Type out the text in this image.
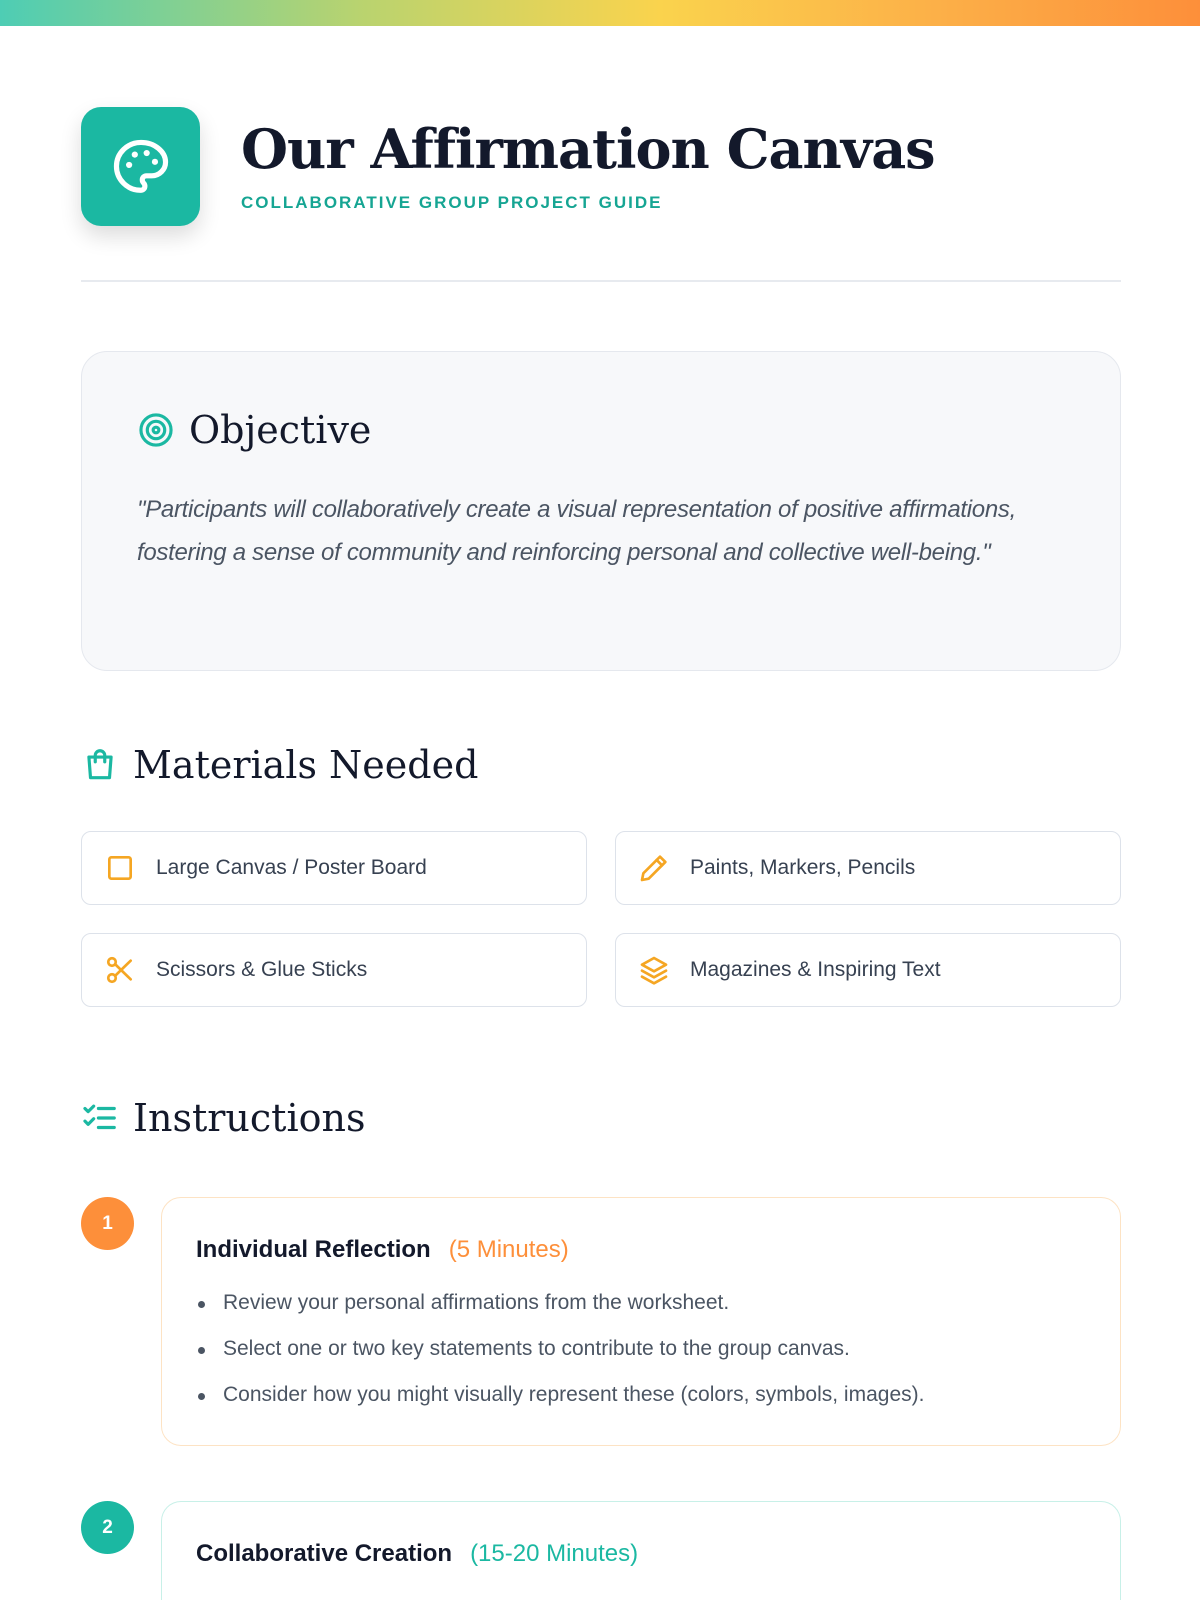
Our Affirmation Canvas
COLLABORATIVE GROUP PROJECT GUIDE
Objective

"Participants will collaboratively create a visual representation of positive affirmations, fostering a sense of community and reinforcing personal and collective well-being."

Materials Needed
Large Canvas / Poster Board	Paints, Markers, Pencils
Scissors & Glue Sticks	Magazines & Inspiring Text
Instructions
1
Individual Reflection (5 Minutes)
Review your personal affirmations from the worksheet.
Select one or two key statements to contribute to the group canvas.
Consider how you might visually represent these (colors, symbols, images).
2
Collaborative Creation (15-20 Minutes)
